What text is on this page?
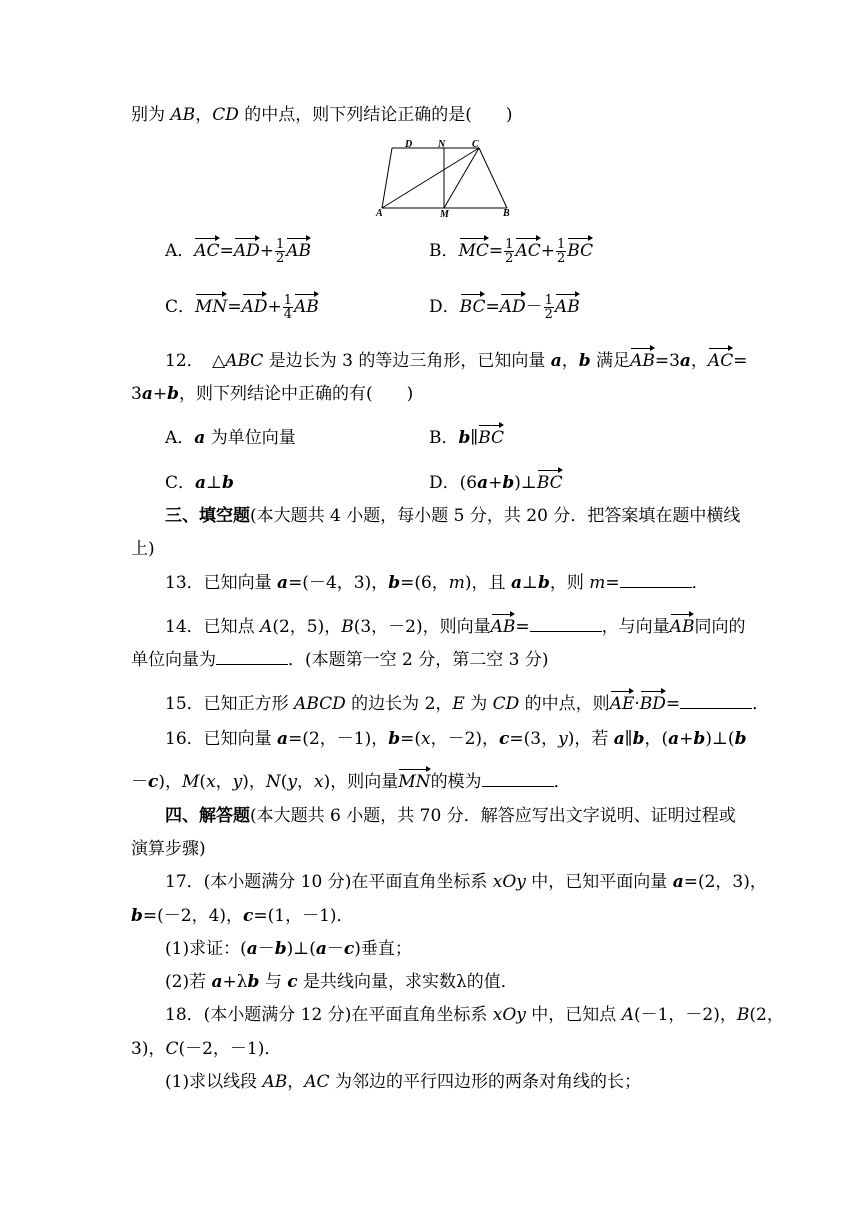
别为 AB，CD 的中点，则下列结论正确的是(　　)
D	N	C
A	M	B
A．$AC=AD+ \frac{1}{2}$ AB	B．$MC= \frac{1}{2} AC+ \frac{1}{2}$ BC
C．$MN=AD+ \frac{1}{4}$ AB	D．$BC=AD- \frac{1}{2}$ AB
12．　△ABC 是边长为 3 的等边三角形，已知向量 a，b 满足AB=3a，AC=
3a+b，则下列结论中正确的有(　　)
A．a 为单位向量	B．b∥BC
C．a⊥b	D．(6a+b)⊥BC
三、填空题(本大题共 4 小题，每小题 5 分，共 20 分．把答案填在题中横线
上)
13．已知向量 a=(－4，3)，b=(6，m)，且 a⊥b，则 m=	．
14．已知点 A(2，5)，B(3，－2)，则向量AB=	，与向量AB同向的
单位向量为	．(本题第一空 2 分，第二空 3 分)
15．已知正方形 ABCD 的边长为 2，E 为 CD 的中点，则AE·BD=	．
16．已知向量 a=(2，－1)，b=(x，－2)，c=(3，y)，若 a∥b，(a+b)⊥(b
－c)，M(x，y)，N(y，x)，则向量MN的模为	．
四、解答题(本大题共 6 小题，共 70 分．解答应写出文字说明、证明过程或
演算步骤)
17．(本小题满分 10 分)在平面直角坐标系 xOy 中，已知平面向量 a=(2，3)，
b=(－2，4)，c=(1，－1)．
(1)求证：(a－b)⊥(a－c)垂直；
(2)若 a+λb 与 c 是共线向量，求实数λ的值．
18．(本小题满分 12 分)在平面直角坐标系 xOy 中，已知点 A(－1，－2)，B(2，
3)，C(－2，－1)．
(1)求以线段 AB，AC 为邻边的平行四边形的两条对角线的长；
